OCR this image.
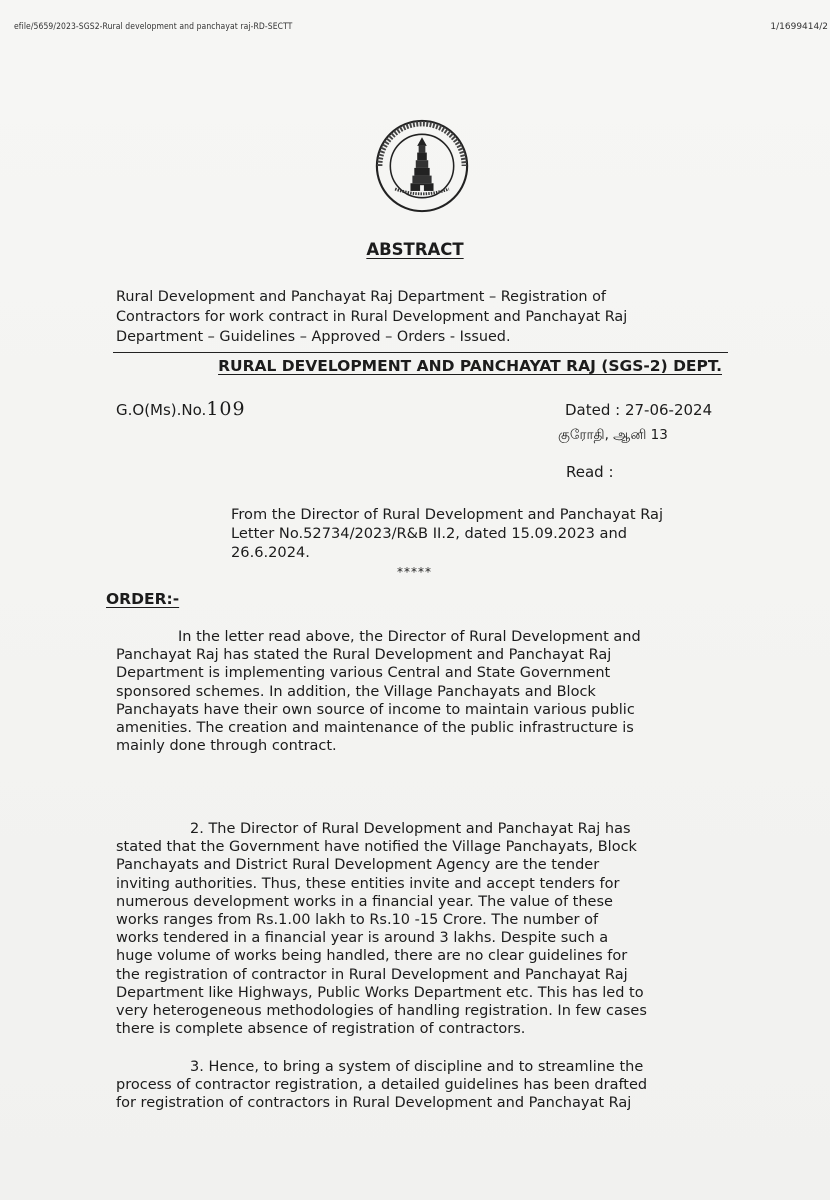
efile/5659/2023-SGS2-Rural development and panchayat raj-RD-SECTT	1/1699414/2
ABSTRACT
Rural Development and Panchayat Raj Department – Registration of
Contractors for work contract in Rural Development and Panchayat Raj
Department – Guidelines – Approved – Orders - Issued.
RURAL DEVELOPMENT AND PANCHAYAT RAJ (SGS-2) DEPT.
G.O(Ms).No.109	Dated : 27-06-2024
குரோதி, ஆனி 13
Read :
From the Director of Rural Development and Panchayat Raj
Letter No.52734/2023/R&B II.2, dated 15.09.2023 and
26.6.2024.
*****
ORDER:-
In the letter read above, the Director of Rural Development and
Panchayat Raj has stated the Rural Development and Panchayat Raj
Department is implementing various Central and State Government
sponsored schemes. In addition, the Village Panchayats and Block
Panchayats have their own source of income to maintain various public
amenities. The creation and maintenance of the public infrastructure is
mainly done through contract.
2. The Director of Rural Development and Panchayat Raj has
stated that the Government have notified the Village Panchayats, Block
Panchayats and District Rural Development Agency are the tender
inviting authorities. Thus, these entities invite and accept tenders for
numerous development works in a financial year. The value of these
works ranges from Rs.1.00 lakh to Rs.10 -15 Crore. The number of
works tendered in a financial year is around 3 lakhs. Despite such a
huge volume of works being handled, there are no clear guidelines for
the registration of contractor in Rural Development and Panchayat Raj
Department like Highways, Public Works Department etc. This has led to
very heterogeneous methodologies of handling registration. In few cases
there is complete absence of registration of contractors.
3. Hence, to bring a system of discipline and to streamline the
process of contractor registration, a detailed guidelines has been drafted
for registration of contractors in Rural Development and Panchayat Raj
